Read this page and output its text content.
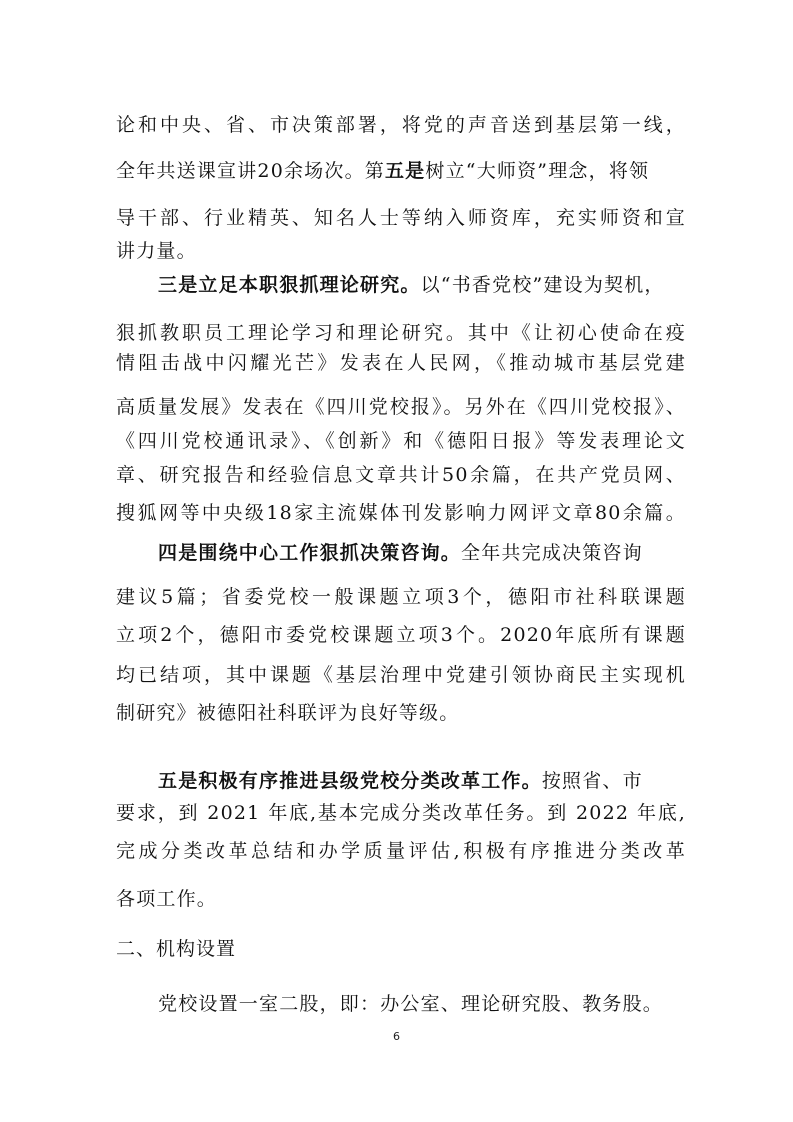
论和中央、省、市决策部署，将党的声音送到基层第一线，
全年共送课宣讲20余场次。第五是树立“大师资”理念，将领
导干部、行业精英、知名人士等纳入师资库，充实师资和宣
讲力量。
三是立足本职狠抓理论研究。以“书香党校”建设为契机，
狠抓教职员工理论学习和理论研究。其中《让初心使命在疫
情阻击战中闪耀光芒》发表在人民网，《推动城市基层党建
高质量发展》发表在《四川党校报》。另外在《四川党校报》、
《四川党校通讯录》、《创新》和《德阳日报》等发表理论文
章、研究报告和经验信息文章共计50余篇，在共产党员网、
搜狐网等中央级18家主流媒体刊发影响力网评文章80余篇。
四是围绕中心工作狠抓决策咨询。全年共完成决策咨询
建议5篇；省委党校一般课题立项3个，德阳市社科联课题
立项2个，德阳市委党校课题立项3个。2020年底所有课题
均已结项，其中课题《基层治理中党建引领协商民主实现机
制研究》被德阳社科联评为良好等级。
五是积极有序推进县级党校分类改革工作。按照省、市
要求，到 2021 年底,基本完成分类改革任务。到 2022 年底,
完成分类改革总结和办学质量评估,积极有序推进分类改革
各项工作。
6
二、机构设置
党校设置一室二股，即：办公室、理论研究股、教务股。
